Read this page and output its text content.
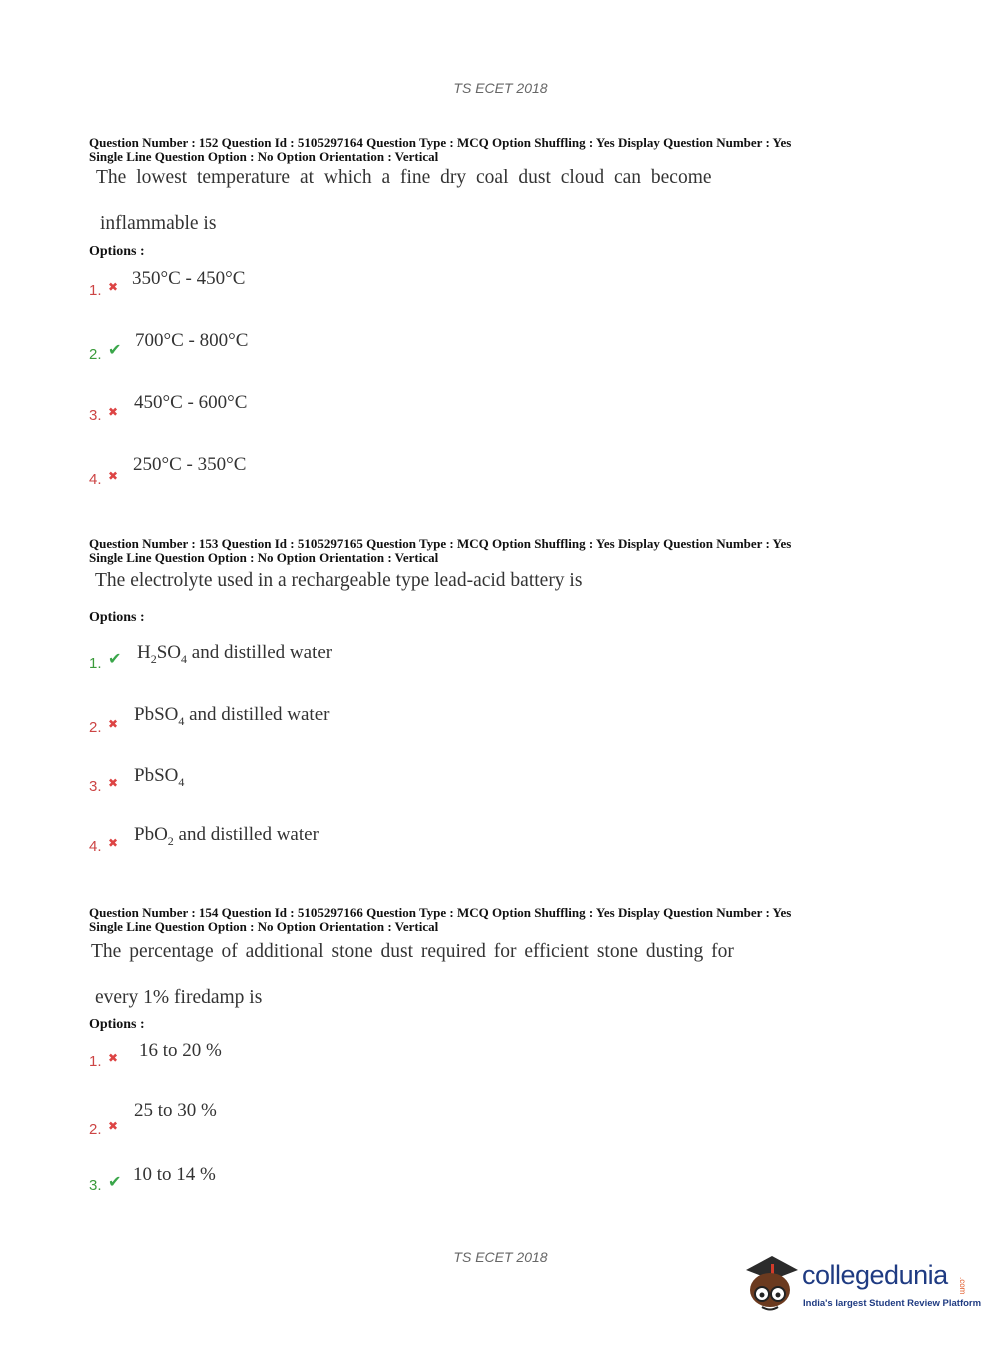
TS ECET 2018
Question Number : 152 Question Id : 5105297164 Question Type : MCQ Option Shuffling : Yes Display Question Number : Yes
Single Line Question Option : No Option Orientation : Vertical
The lowest temperature at which a fine dry coal dust cloud can become
inflammable is
Options :
1. ✖ 350°C - 450°C
2. ✔ 700°C - 800°C
3. ✖ 450°C - 600°C
4. ✖
250°C - 350°C
Question Number : 153 Question Id : 5105297165 Question Type : MCQ Option Shuffling : Yes Display Question Number : Yes
Single Line Question Option : No Option Orientation : Vertical
The electrolyte used in a rechargeable type lead-acid battery is
Options :
1. ✔ $H_2SO_4$ and distilled water
2. ✖ PbSO$_4$ and distilled water
3. ✖ PbSO$_4$
4. ✖ PbO$_2$ and distilled water
Question Number : 154 Question Id : 5105297166 Question Type : MCQ Option Shuffling : Yes Display Question Number : Yes
Single Line Question Option : No Option Orientation : Vertical
The percentage of additional stone dust required for efficient stone dusting for
every 1% firedamp is
Options :
1. ✖ 16 to 20 %
2. ✖
25 to 30 %
3. ✔ 10 to 14 %
TS ECET 2018
collegedunia .com
India's largest Student Review Platform
